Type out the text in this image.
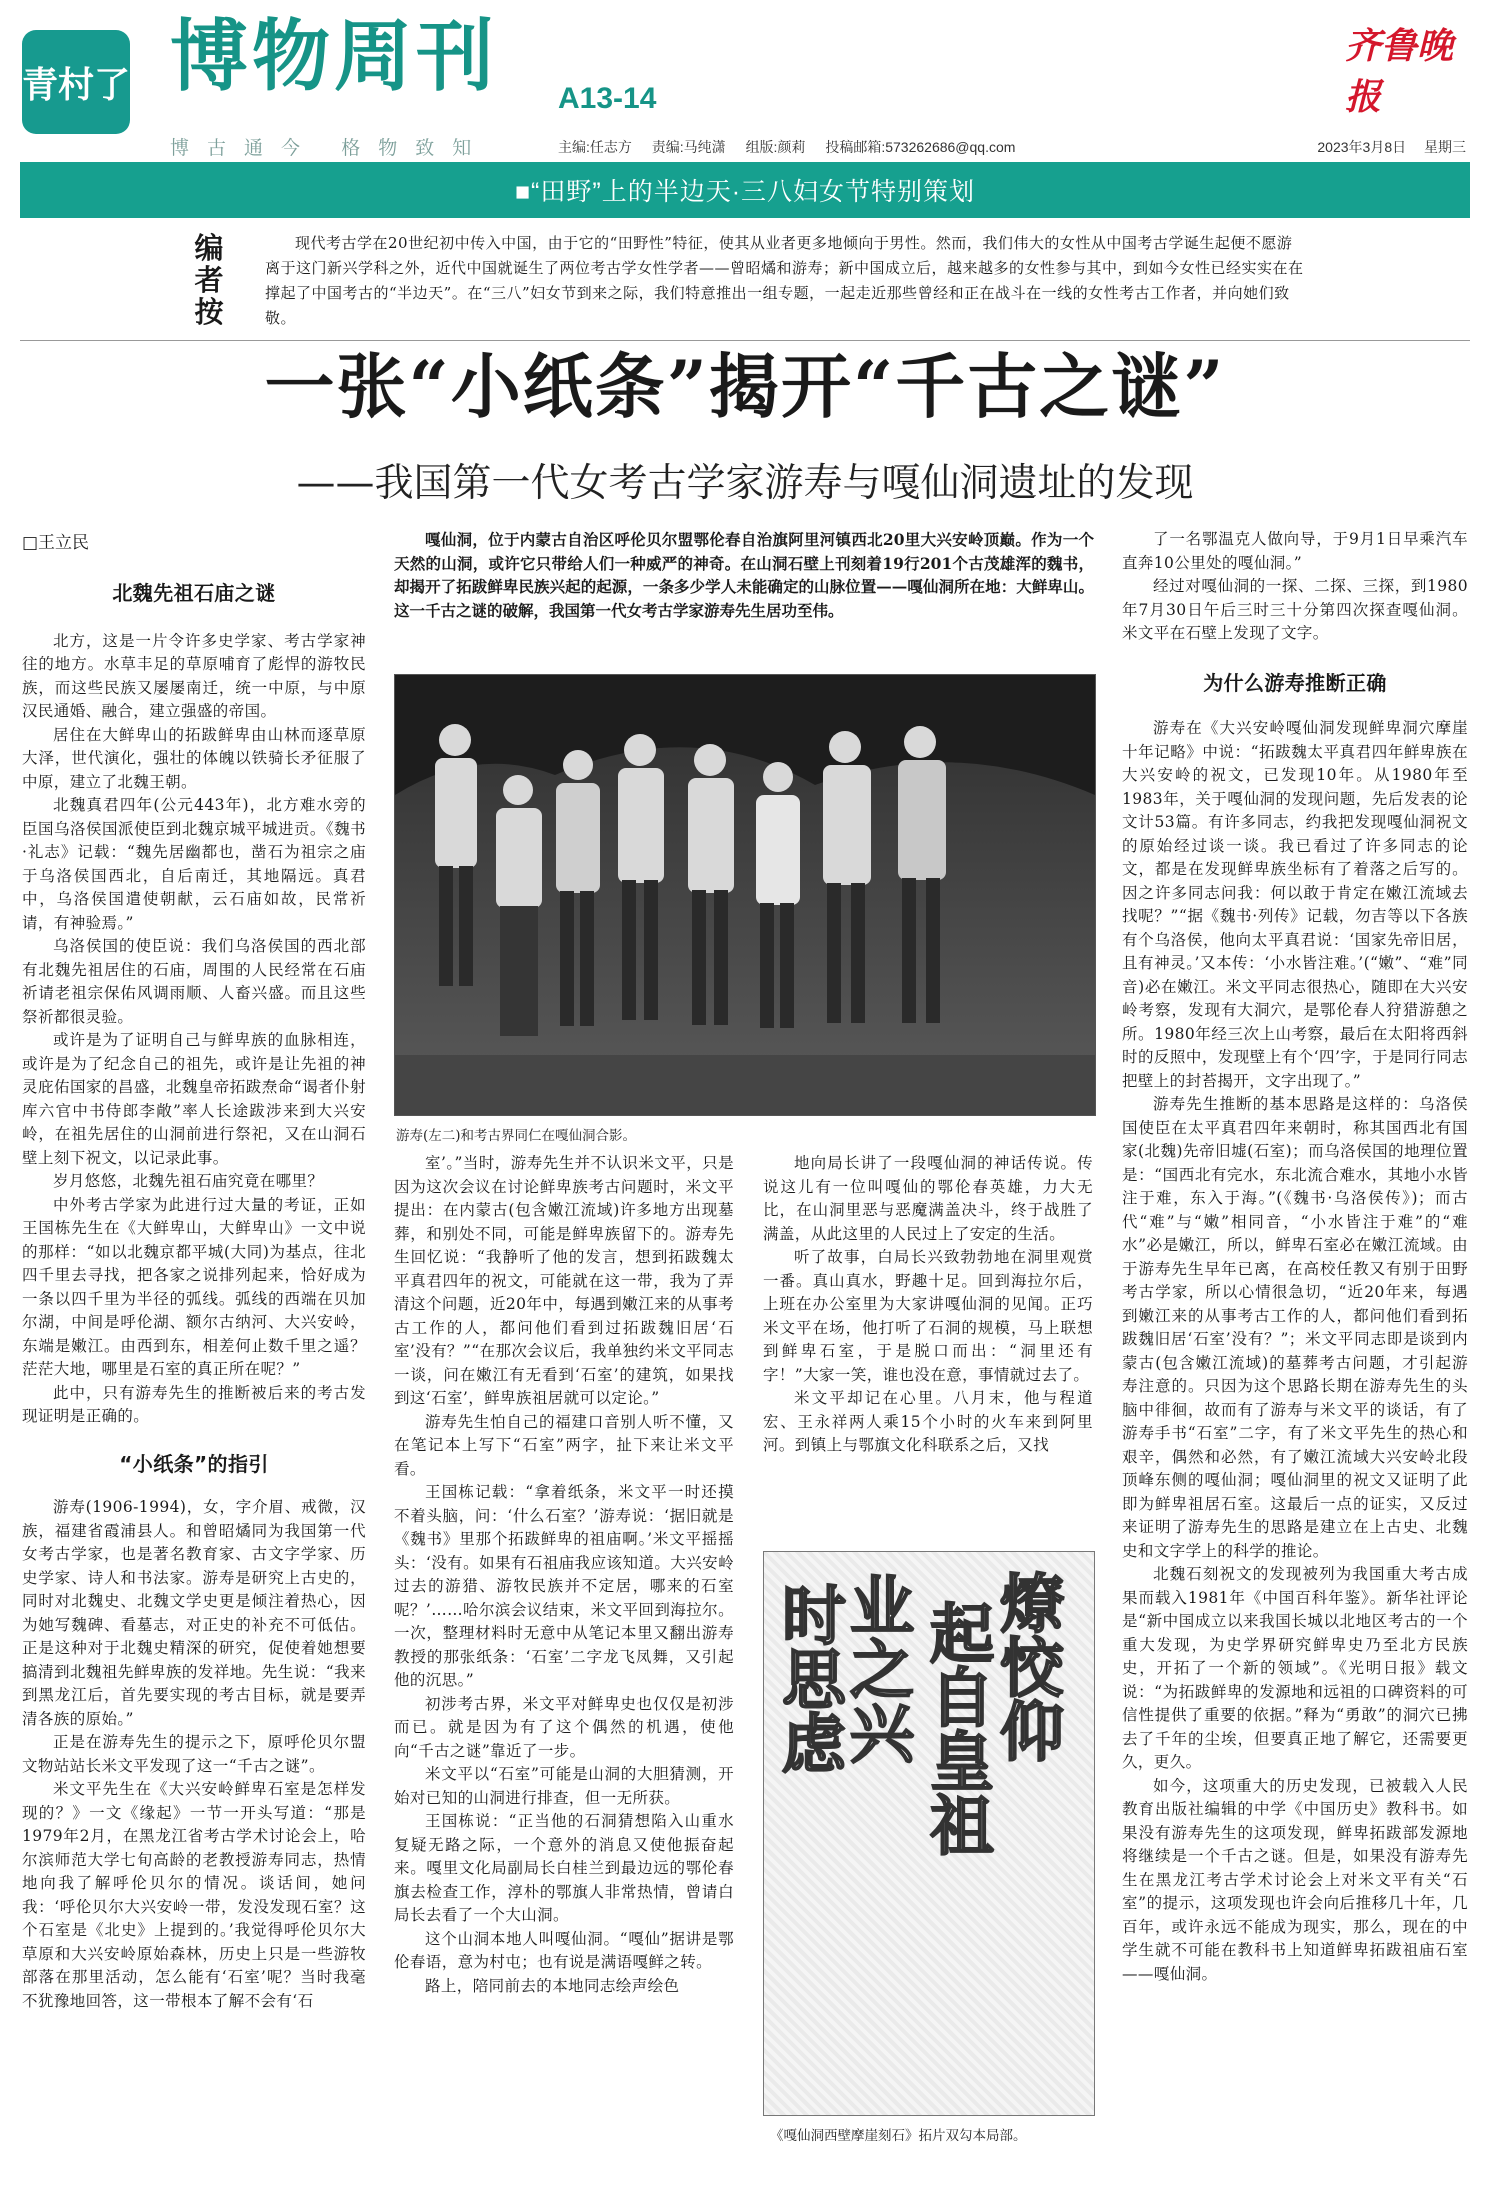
青村了 博物周刊 A13-14
博古通今 格物致知
齐鲁晚报
主编:任志方 责编:马纯潇 组版:颜莉 投稿邮箱:573262686@qq.com	2023年3月8日 星期三
■“田野”上的半边天·三八妇女节特别策划
编者按
现代考古学在20世纪初中传入中国，由于它的“田野性”特征，使其从业者更多地倾向于男性。然而，我们伟大的女性从中国考古学诞生起便不愿游离于这门新兴学科之外，近代中国就诞生了两位考古学女性学者——曾昭燏和游寿；新中国成立后，越来越多的女性参与其中，到如今女性已经实实在在撑起了中国考古的“半边天”。在“三八”妇女节到来之际，我们特意推出一组专题，一起走近那些曾经和正在战斗在一线的女性考古工作者，并向她们致敬。
一张“小纸条”揭开“千古之谜”
——我国第一代女考古学家游寿与嘎仙洞遗址的发现
□王立民
北魏先祖石庙之谜

北方，这是一片令许多史学家、考古学家神往的地方。水草丰足的草原哺育了彪悍的游牧民族，而这些民族又屡屡南迁，统一中原，与中原汉民通婚、融合，建立强盛的帝国。

居住在大鲜卑山的拓跋鲜卑由山林而逐草原大泽，世代演化，强壮的体魄以铁骑长矛征服了中原，建立了北魏王朝。

北魏真君四年(公元443年)，北方难水旁的臣国乌洛侯国派使臣到北魏京城平城进贡。《魏书·礼志》记载：“魏先居幽都也，凿石为祖宗之庙于乌洛侯国西北，自后南迁，其地隔远。真君中，乌洛侯国遣使朝献，云石庙如故，民常祈请，有神验焉。”

乌洛侯国的使臣说：我们乌洛侯国的西北部有北魏先祖居住的石庙，周围的人民经常在石庙祈请老祖宗保佑风调雨顺、人畜兴盛。而且这些祭祈都很灵验。

或许是为了证明自己与鲜卑族的血脉相连，或许是为了纪念自己的祖先，或许是让先祖的神灵庇佑国家的昌盛，北魏皇帝拓跋焘命“谒者仆射库六官中书侍郎李敞”率人长途跋涉来到大兴安岭，在祖先居住的山洞前进行祭祀，又在山洞石壁上刻下祝文，以记录此事。

岁月悠悠，北魏先祖石庙究竟在哪里？

中外考古学家为此进行过大量的考证，正如王国栋先生在《大鲜卑山，大鲜卑山》一文中说的那样：“如以北魏京都平城(大同)为基点，往北四千里去寻找，把各家之说排列起来，恰好成为一条以四千里为半径的弧线。弧线的西端在贝加尔湖，中间是呼伦湖、额尔古纳河、大兴安岭，东端是嫩江。由西到东，相差何止数千里之遥？茫茫大地，哪里是石室的真正所在呢？”

此中，只有游寿先生的推断被后来的考古发现证明是正确的。

“小纸条”的指引

游寿(1906-1994)，女，字介眉、戒微，汉族，福建省霞浦县人。和曾昭燏同为我国第一代女考古学家，也是著名教育家、古文字学家、历史学家、诗人和书法家。游寿是研究上古史的，同时对北魏史、北魏文学史更是倾注着热心，因为她写魏碑、看墓志，对正史的补充不可低估。正是这种对于北魏史精深的研究，促使着她想要搞清到北魏祖先鲜卑族的发祥地。先生说：“我来到黑龙江后，首先要实现的考古目标，就是要弄清各族的原始。”

正是在游寿先生的提示之下，原呼伦贝尔盟文物站站长米文平发现了这一“千古之谜”。

米文平先生在《大兴安岭鲜卑石室是怎样发现的？》一文《缘起》一节一开头写道：“那是1979年2月，在黑龙江省考古学术讨论会上，哈尔滨师范大学七旬高龄的老教授游寿同志，热情地向我了解呼伦贝尔的情况。谈话间，她问我：‘呼伦贝尔大兴安岭一带，发没发现石室？这个石室是《北史》上提到的。’我觉得呼伦贝尔大草原和大兴安岭原始森林，历史上只是一些游牧部落在那里活动，怎么能有‘石室’呢？当时我毫不犹豫地回答，这一带根本了解不会有‘石

嘎仙洞，位于内蒙古自治区呼伦贝尔盟鄂伦春自治旗阿里河镇西北20里大兴安岭顶巅。作为一个天然的山洞，或许它只带给人们一种威严的神奇。在山洞石壁上刊刻着19行201个古茂雄浑的魏书，却揭开了拓跋鲜卑民族兴起的起源，一条多少学人未能确定的山脉位置——嘎仙洞所在地：大鲜卑山。这一千古之谜的破解，我国第一代女考古学家游寿先生居功至伟。
游寿(左二)和考古界同仁在嘎仙洞合影。

室’。”当时，游寿先生并不认识米文平，只是因为这次会议在讨论鲜卑族考古问题时，米文平提出：在内蒙古(包含嫩江流域)许多地方出现墓葬，和别处不同，可能是鲜卑族留下的。游寿先生回忆说：“我静听了他的发言，想到拓跋魏太平真君四年的祝文，可能就在这一带，我为了弄清这个问题，近20年中，每遇到嫩江来的从事考古工作的人，都问他们看到过拓跋魏旧居‘石室’没有？”“在那次会议后，我单独约米文平同志一谈，问在嫩江有无看到‘石室’的建筑，如果找到这‘石室’，鲜卑族祖居就可以定论。”

游寿先生怕自己的福建口音别人听不懂，又在笔记本上写下“石室”两字，扯下来让米文平看。

王国栋记载：“拿着纸条，米文平一时还摸不着头脑，问：‘什么石室？’游寿说：‘据旧就是《魏书》里那个拓跋鲜卑的祖庙啊。’米文平摇摇头：‘没有。如果有石祖庙我应该知道。大兴安岭过去的游猎、游牧民族并不定居，哪来的石室呢？’……哈尔滨会议结束，米文平回到海拉尔。一次，整理材料时无意中从笔记本里又翻出游寿教授的那张纸条：‘石室’二字龙飞凤舞，又引起他的沉思。”

初涉考古界，米文平对鲜卑史也仅仅是初涉而已。就是因为有了这个偶然的机遇，使他向“千古之谜”靠近了一步。

米文平以“石室”可能是山洞的大胆猜测，开始对已知的山洞进行排查，但一无所获。

王国栋说：“正当他的石洞猜想陷入山重水复疑无路之际，一个意外的消息又使他振奋起来。嘎里文化局副局长白桂兰到最边远的鄂伦春旗去检查工作，淳朴的鄂旗人非常热情，曾请白局长去看了一个大山洞。

这个山洞本地人叫嘎仙洞。“嘎仙”据讲是鄂伦春语，意为村屯；也有说是满语嘎鲜之转。

路上，陪同前去的本地同志绘声绘色

地向局长讲了一段嘎仙洞的神话传说。传说这儿有一位叫嘎仙的鄂伦春英雄，力大无比，在山洞里恶与恶魔满盖决斗，终于战胜了满盖，从此这里的人民过上了安定的生活。

听了故事，白局长兴致勃勃地在洞里观赏一番。真山真水，野趣十足。回到海拉尔后，上班在办公室里为大家讲嘎仙洞的见闻。正巧米文平在场，他打听了石洞的规模，马上联想到鲜卑石室，于是脱口而出：“洞里还有字！”大家一笑，谁也没在意，事情就过去了。

米文平却记在心里。八月末，他与程道宏、王永祥两人乘15个小时的火车来到阿里河。到镇上与鄂旗文化科联系之后，又找

燎恔仰
起自皇祖
业之兴
时思虑
《嘎仙洞西壁摩崖刻石》拓片双勾本局部。

了一名鄂温克人做向导，于9月1日早乘汽车直奔10公里处的嘎仙洞。”

经过对嘎仙洞的一探、二探、三探，到1980年7月30日午后三时三十分第四次探查嘎仙洞。米文平在石壁上发现了文字。

为什么游寿推断正确

游寿在《大兴安岭嘎仙洞发现鲜卑洞穴摩崖十年记略》中说：“拓跋魏太平真君四年鲜卑族在大兴安岭的祝文，已发现10年。从1980年至1983年，关于嘎仙洞的发现问题，先后发表的论文计53篇。有许多同志，约我把发现嘎仙洞祝文的原始经过谈一谈。我已看过了许多同志的论文，都是在发现鲜卑族坐标有了着落之后写的。因之许多同志问我：何以敢于肯定在嫩江流域去找呢？”“据《魏书·列传》记载，勿吉等以下各族有个乌洛侯，他向太平真君说：‘国家先帝旧居，且有神灵。’又本传：‘小水皆注难。’(“嫩”、“难”同音)必在嫩江。米文平同志很热心，随即在大兴安岭考察，发现有大洞穴，是鄂伦春人狩猎游憩之所。1980年经三次上山考察，最后在太阳将西斜时的反照中，发现壁上有个‘四’字，于是同行同志把壁上的封苔揭开，文字出现了。”

游寿先生推断的基本思路是这样的：乌洛侯国使臣在太平真君四年来朝时，称其国西北有国家(北魏)先帝旧墟(石室)；而乌洛侯国的地理位置是：“国西北有完水，东北流合难水，其地小水皆注于难，东入于海。”(《魏书·乌洛侯传》)；而古代“难”与“嫩”相同音，“小水皆注于难”的“难水”必是嫩江，所以，鲜卑石室必在嫩江流域。由于游寿先生早年已离，在高校任教又有别于田野考古学家，所以心情很急切，“近20年来，每遇到嫩江来的从事考古工作的人，都问他们看到拓跋魏旧居‘石室’没有？”；米文平同志即是谈到内蒙古(包含嫩江流域)的墓葬考古问题，才引起游寿注意的。只因为这个思路长期在游寿先生的头脑中徘徊，故而有了游寿与米文平的谈话，有了游寿手书“石室”二字，有了米文平先生的热心和艰辛，偶然和必然，有了嫩江流域大兴安岭北段顶峰东侧的嘎仙洞；嘎仙洞里的祝文又证明了此即为鲜卑祖居石室。这最后一点的证实，又反过来证明了游寿先生的思路是建立在上古史、北魏史和文字学上的科学的推论。

北魏石刻祝文的发现被列为我国重大考古成果而载入1981年《中国百科年鉴》。新华社评论是“新中国成立以来我国长城以北地区考古的一个重大发现，为史学界研究鲜卑史乃至北方民族史，开拓了一个新的领域”。《光明日报》载文说：“为拓跋鲜卑的发源地和远祖的口碑资料的可信性提供了重要的依据。”释为“勇敢”的洞穴已拂去了千年的尘埃，但要真正地了解它，还需要更久，更久。

如今，这项重大的历史发现，已被载入人民教育出版社编辑的中学《中国历史》教科书。如果没有游寿先生的这项发现，鲜卑拓跋部发源地将继续是一个千古之谜。但是，如果没有游寿先生在黑龙江考古学术讨论会上对米文平有关“石室”的提示，这项发现也许会向后推移几十年，几百年，或许永远不能成为现实，那么，现在的中学生就不可能在教科书上知道鲜卑拓跋祖庙石室——嘎仙洞。
